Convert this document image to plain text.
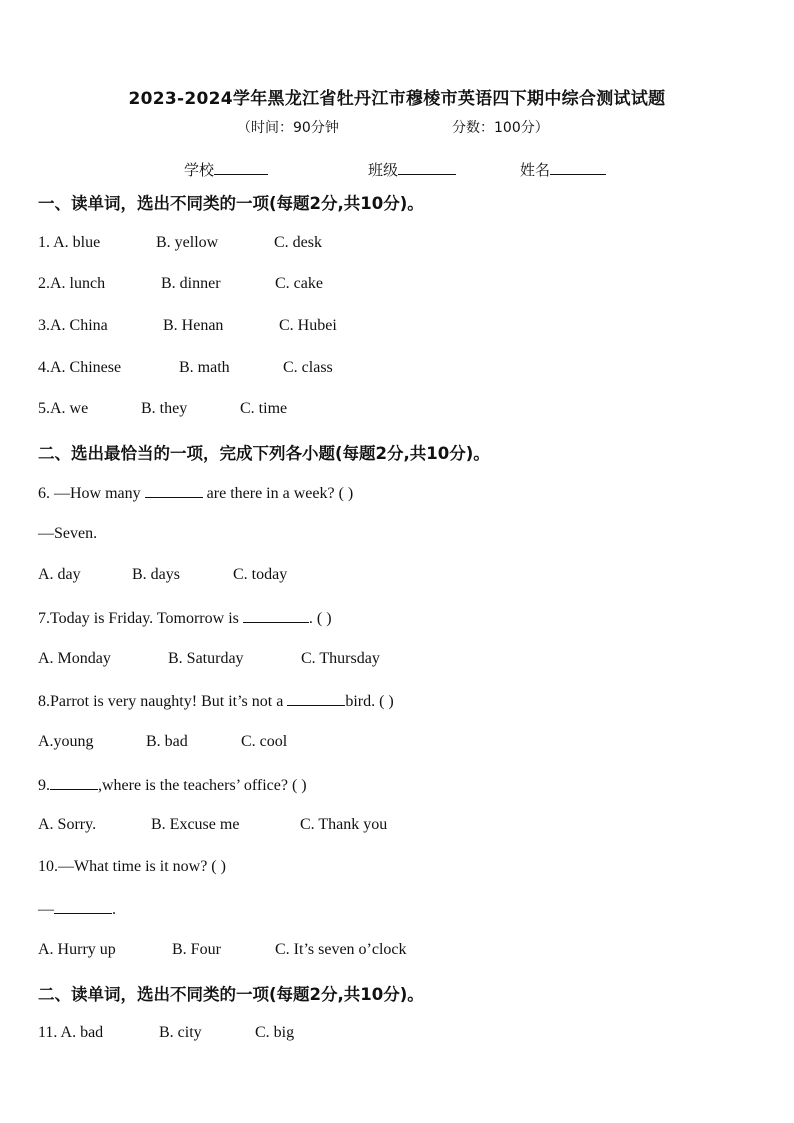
2023-2024学年黑龙江省牡丹江市穆棱市英语四下期中综合测试试题
（时间：90分钟	分数：100分）
学校	班级	姓名
一、读单词，选出不同类的一项(每题2分,共10分)。
1. A. blue	B. yellow	C. desk
2.A. lunch	B. dinner	C. cake
3.A. China	B. Henan	C. Hubei
4.A. Chinese	B. math	C. class
5.A. we	B. they	C. time
二、选出最恰当的一项，完成下列各小题(每题2分,共10分)。
6. —How many	are there in a week? ( )
—Seven.
A. day	B. days	C. today
7.Today is Friday. Tomorrow is	. ( )
A. Monday	B. Saturday	C. Thursday
8.Parrot is very naughty! But it’s not a	bird. ( )
A.young	B. bad	C. cool
9.	,where is the teachers’ office? ( )
A. Sorry.	B. Excuse me	C. Thank you
10.—What time is it now? ( )
—	.
A. Hurry up	B. Four	C. It’s seven o’clock
二、读单词，选出不同类的一项(每题2分,共10分)。
11. A. bad	B. city	C. big
